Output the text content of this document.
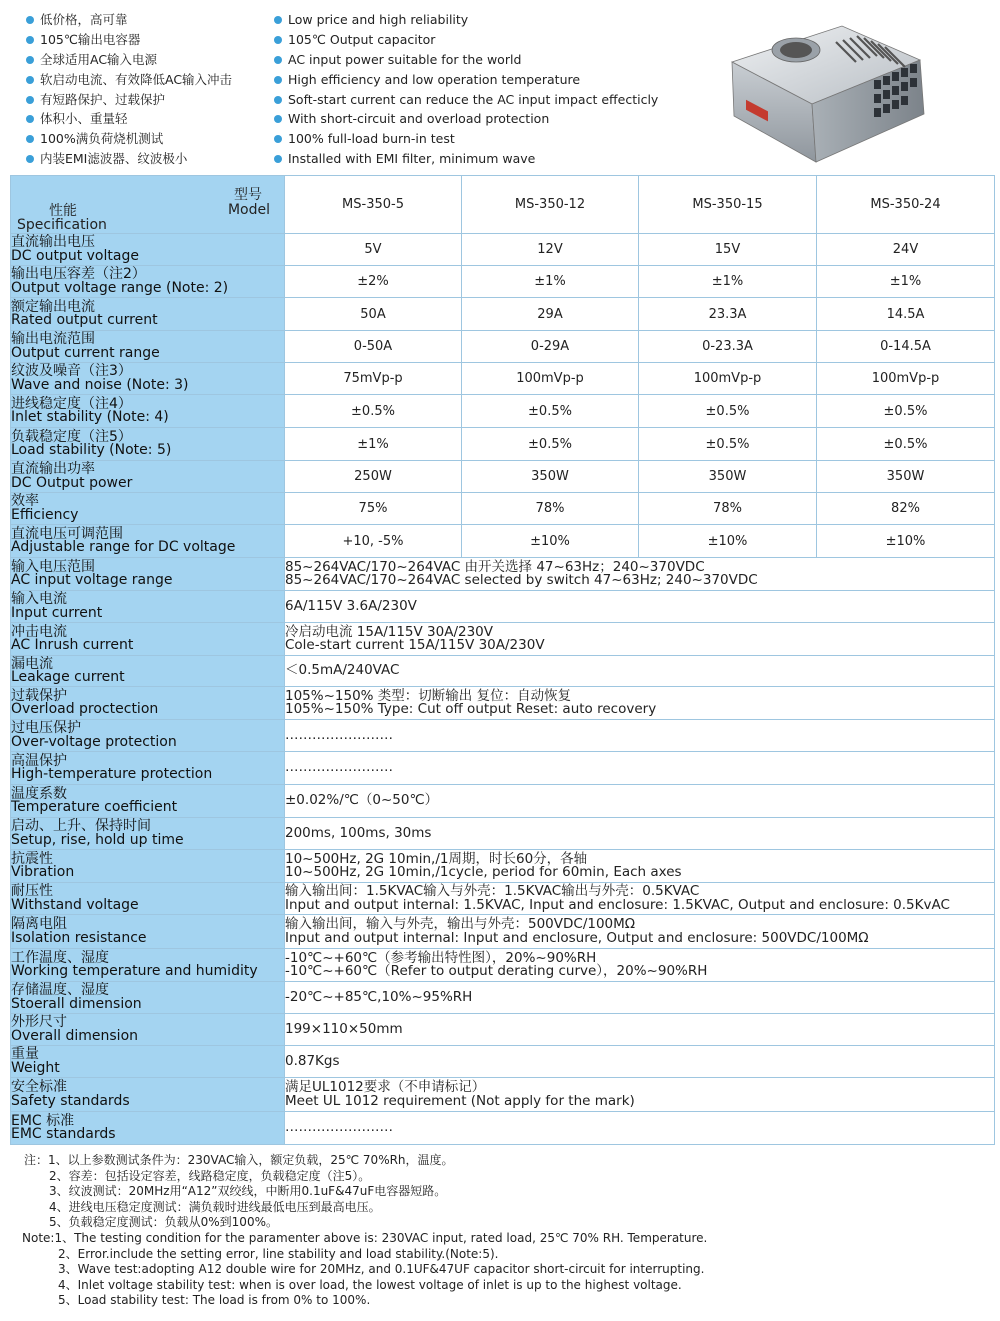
低价格，高可靠
105℃输出电容器
全球适用AC输入电源
软启动电流、有效降低AC输入冲击
有短路保护、过载保护
体积小、重量轻
100%满负荷烧机测试
内装EMI滤波器、纹波极小
Low price and high reliability
105℃ Output capacitor
AC input power suitable for the world
High efficiency and low operation temperature
Soft-start current can reduce the AC input impact effecticly
With short-circuit and overload protection
100% full-load burn-in test
Installed with EMI filter, minimum wave
型号
Model
性能
Specification	MS-350-5	MS-350-12	MS-350-15	MS-350-24

直流输出电压
DC output voltage	5V	12V	15V	24V

输出电压容差（注2）
Output voltage range (Note: 2)	±2%	±1%	±1%	±1%

额定输出电流
Rated output current	50A	29A	23.3A	14.5A

输出电流范围
Output current range	0-50A	0-29A	0-23.3A	0-14.5A

纹波及噪音（注3）
Wave and noise (Note: 3)	75mVp-p	100mVp-p	100mVp-p	100mVp-p

进线稳定度（注4）
Inlet stability (Note: 4)	±0.5%	±0.5%	±0.5%	±0.5%

负载稳定度（注5）
Load stability (Note: 5)	±1%	±0.5%	±0.5%	±0.5%

直流输出功率
DC Output power	250W	350W	350W	350W

效率
Efficiency	75%	78%	78%	82%

直流电压可调范围
Adjustable range for DC voltage	+10, -5%	±10%	±10%	±10%

输入电压范围
AC input voltage range	85~264VAC/170~264VAC 由开关选择 47~63Hz；240~370VDC
85~264VAC/170~264VAC selected by switch 47~63Hz; 240~370VDC			

输入电流
Input current	6A/115V 3.6A/230V			

冲击电流
AC Inrush current	冷启动电流 15A/115V 30A/230V
Cole-start current 15A/115V 30A/230V			

漏电流
Leakage current	＜0.5mA/240VAC			

过载保护
Overload proctection	105%~150% 类型：切断输出 复位：自动恢复
105%~150% Type: Cut off output Reset: auto recovery			

过电压保护
Over-voltage protection	……………………			

高温保护
High-temperature protection	……………………			

温度系数
Temperature coefficient	±0.02%/℃（0~50℃）			

启动、上升、保持时间
Setup, rise, hold up time	200ms, 100ms, 30ms			

抗震性
Vibration	10~500Hz, 2G 10min,/1周期，时长60分，各轴
10~500Hz, 2G 10min,/1cycle, period for 60min, Each axes			

耐压性
Withstand voltage	输入输出间：1.5KVAC输入与外壳：1.5KVAC输出与外壳：0.5KVAC
Input and output internal: 1.5KVAC, Input and enclosure: 1.5KVAC, Output and enclosure: 0.5KvAC			

隔离电阻
Isolation resistance	输入输出间，输入与外壳，输出与外壳：500VDC/100MΩ
Input and output internal: Input and enclosure, Output and enclosure: 500VDC/100MΩ			

工作温度、湿度
Working temperature and humidity	-10℃~+60℃（参考输出特性图），20%~90%RH
-10℃~+60℃（Refer to output derating curve），20%~90%RH			

存储温度、湿度
Stoerall dimension	-20℃~+85℃,10%~95%RH			

外形尺寸
Overall dimension	199×110×50mm			

重量
Weight	0.87Kgs			

安全标准
Safety standards	满足UL1012要求（不申请标记）
Meet UL 1012 requirement (Not apply for the mark)			

EMC 标准
EMC standards	……………………			
注：1、以上参数测试条件为：230VAC输入，额定负载，25℃ 70%Rh，温度。
2、容差：包括设定容差，线路稳定度，负载稳定度（注5）。
3、纹波测试：20MHz用“A12”双绞线，中断用0.1uF&47uF电容器短路。
4、进线电压稳定度测试：满负载时进线最低电压到最高电压。
5、负载稳定度测试：负载从0%到100%。
Note:1、The testing condition for the paramenter above is: 230VAC input, rated load, 25℃ 70% RH. Temperature.
2、Error.include the setting error, line stability and load stability.(Note:5).
3、Wave test:adopting A12 double wire for 20MHz, and 0.1UF&47UF capacitor short-circuit for interrupting.
4、Inlet voltage stability test: when is over load, the lowest voltage of inlet is up to the highest voltage.
5、Load stability test: The load is from 0% to 100%.
